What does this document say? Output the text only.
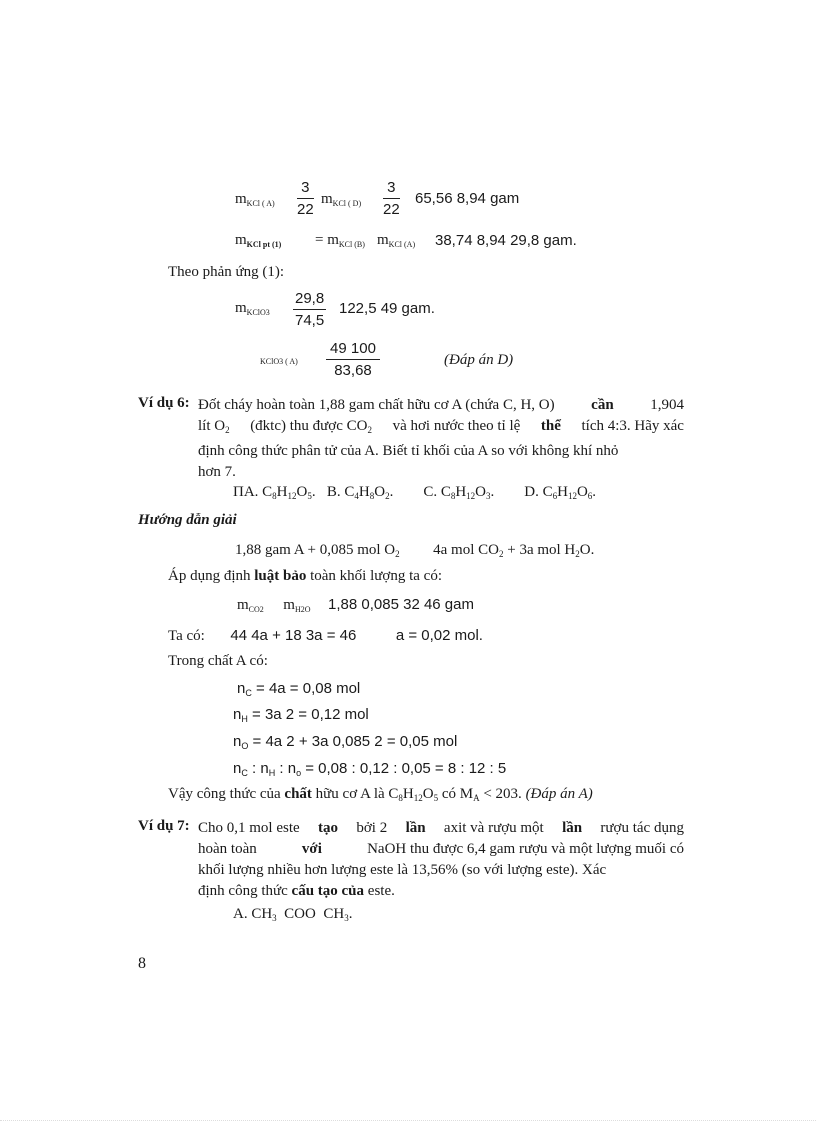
$m_{KCl ( A)} \frac{3}{22} m_{KCl ( D)} \frac{3}{22} 65,56$ 8,94 gam
$m_{KCl pt (1)} = m_{KCl (B)}$ $m_{KCl (A)}$ 38,74 8,94 29,8 gam.
Theo phản ứng (1):
$m_{KClO3} \frac{29,8}{74,5} 122,5$ 49 gam.
KClO3 ( $A) \frac{49 100}{83,68}$	(Đáp án D)
Ví dụ 6: Đốt cháy hoàn toàn 1,88 gam chất hữu cơ A (chứa C, H, O) cần 1,904
lít $O_2$ (đktc) thu được $CO_2$ và hơi nước theo tỉ lệ thể tích 4:3. Hãy xác
định công thức phân tử của A. Biết tỉ khối của A so với không khí nhỏ
hơn 7.
ΠA. $C_8H_{12}O_5$.   B. $C_4H_8O_2$.        C. $C_8H_{12}O_3$.        D. $C_6H_{12}O_6$.
Hướng dẫn giải
1,88 gam A + 0,085 mol $O_2$ 4a mol $CO_2 + 3a$ mol $H_2O$.
Áp dụng định luật bảo toàn khối lượng ta có:
$m_{CO2}$ $m_{H2O}$ 1,88 0,085 32 46 gam
Ta có: 44 4a + 18 3a = 46	a = 0,02 mol.
Trong chất A có:
$n_C = 4a = 0,08$ mol
$n_H = 3a$ 2 = 0,12 mol
$n_O = 4a$ 2 + 3a 0,085 2 = 0,05 mol
$n_C$ : $n_H$ : $n_o = 0,08$ : 0,12 : 0,05 = 8 : 12 : 5
Vậy công thức của chất hữu cơ A là $C_8H_{12}O_5$ có $M_A < 203$. (Đáp án A)
Ví dụ 7: Cho 0,1 mol este tạo bởi 2 lần axit và rượu một lần rượu tác dụng
hoàn toàn	với	NaOH thu được 6,4 gam rượu và một lượng muối có
khối lượng nhiều hơn lượng este là 13,56% (so với lượng este). Xác
định công thức cấu tạo của este.
A. $CH_3$  COO  $CH_3$.
8
